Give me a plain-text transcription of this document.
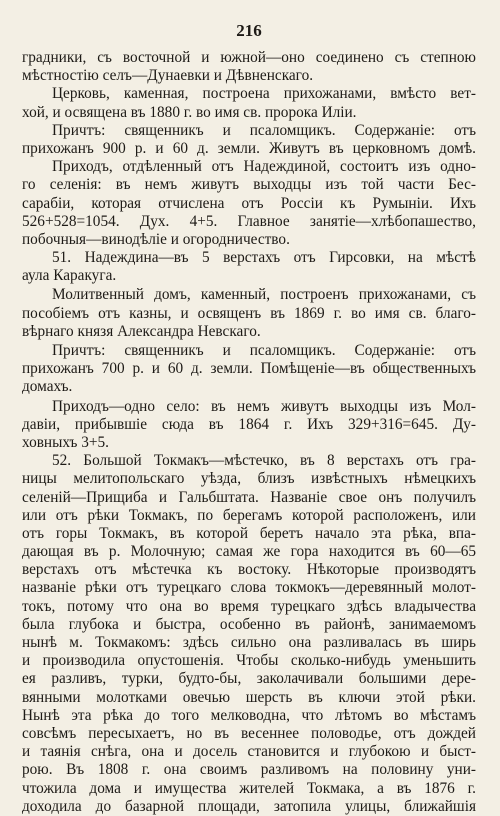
216
градники, съ восточной и южной—оно соединено съ степною
мѣстностію селъ—Дунаевки и Дѣвненскаго.
Церковь, каменная, построена прихожанами, вмѣсто вет-
хой, и освящена въ 1880 г. во имя св. пророка Иліи.
Причтъ: священникъ и псаломщикъ. Содержаніе: отъ
прихожанъ 900 р. и 60 д. земли. Живутъ въ церковномъ домѣ.
Приходъ, отдѣленный отъ Надеждиной, состоитъ изъ одно-
го селенія: въ немъ живутъ выходцы изъ той части Бес-
сарабіи, которая отчислена отъ Россіи къ Румыніи. Ихъ
526+528=1054. Дух. 4+5. Главное занятіе—хлѣбопашество,
побочныя—винодѣліе и огородничество.
51. Надеждина—въ 5 верстахъ отъ Гирсовки, на мѣстѣ
аула Каракуга.
Молитвенный домъ, каменный, построенъ прихожанами, съ
пособіемъ отъ казны, и освященъ въ 1869 г. во имя св. благо-
вѣрнаго князя Александра Невскаго.
Причтъ: священникъ и псаломщикъ. Содержаніе: отъ
прихожанъ 700 р. и 60 д. земли. Помѣщеніе—въ общественныхъ
домахъ.
Приходъ—одно село: въ немъ живутъ выходцы изъ Мол-
давіи, прибывшіе сюда въ 1864 г. Ихъ 329+316=645. Ду-
ховныхъ 3+5.
52. Большой Токмакъ—мѣстечко, въ 8 верстахъ отъ гра-
ницы мелитопольскаго уѣзда, близъ извѣстныхъ нѣмецкихъ
селеній—Прищиба и Гальбштата. Названіе свое онъ получилъ
или отъ рѣки Токмакъ, по берегамъ которой расположенъ, или
отъ горы Токмакъ, въ которой беретъ начало эта рѣка, впа-
дающая въ р. Молочную; самая же гора находится въ 60—65
верстахъ отъ мѣстечка къ востоку. Нѣкоторые производятъ
названіе рѣки отъ турецкаго слова токмокъ—деревянный молот-
токъ, потому что она во время турецкаго здѣсь владычества
была глубока и быстра, особенно въ районѣ, занимаемомъ
нынѣ м. Токмакомъ: здѣсь сильно она разливалась въ ширь
и производила опустошенія. Чтобы сколько-нибудь уменьшить
ея разливъ, турки, будто-бы, заколачивали большими дере-
вянными молотками овечью шерсть въ ключи этой рѣки.
Нынѣ эта рѣка до того мелководна, что лѣтомъ во мѣстамъ
совсѣмъ пересыхаетъ, но въ весеннее половодье, отъ дождей
и таянія снѣга, она и досель становится и глубокою и быст-
рою. Въ 1808 г. она своимъ разливомъ на половину уни-
чтожила дома и имущества жителей Токмака, а въ 1876 г.
доходила до базарной площади, затопила улицы, ближайшія
